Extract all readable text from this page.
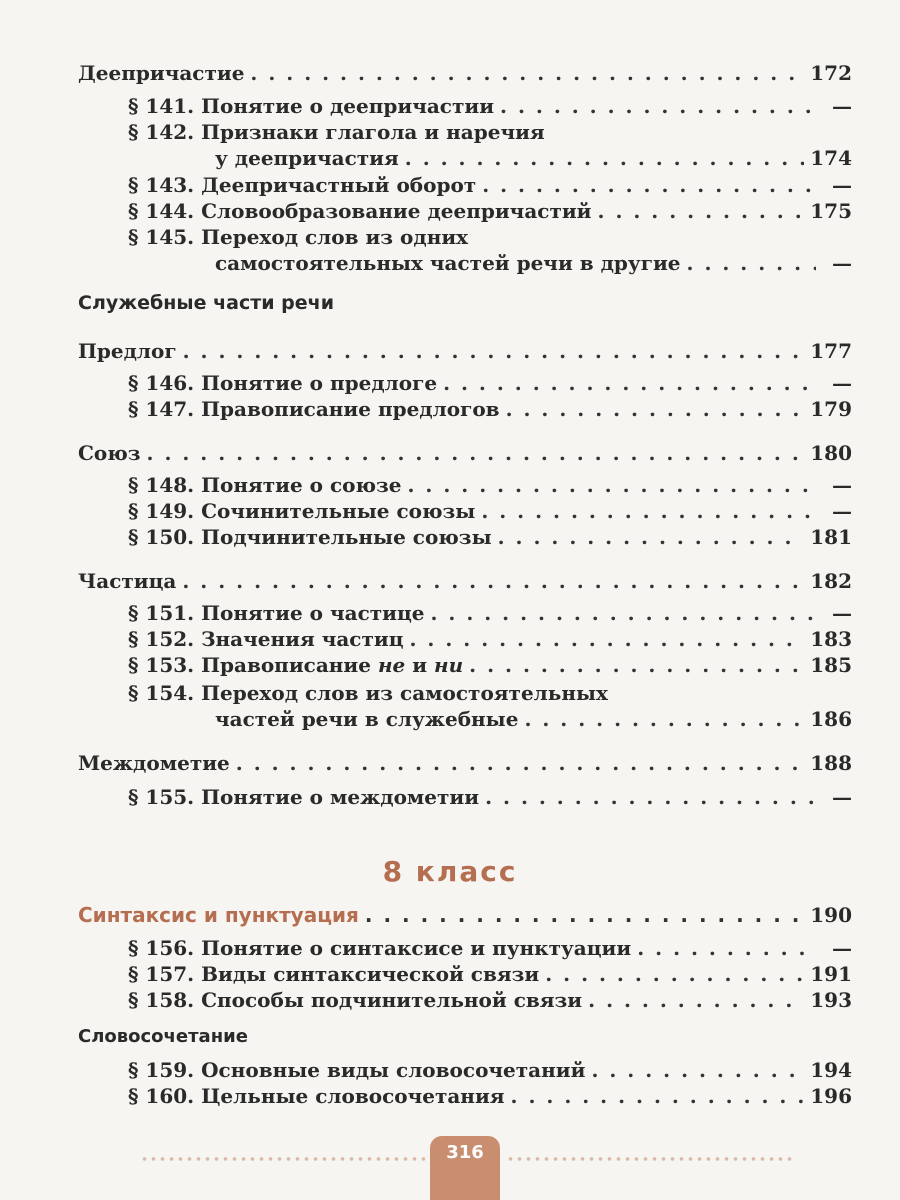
Деепричастие . . .	172
§ 141. Понятие о деепричастии . . .	—
§ 142. Признаки глагола и наречия
у деепричастия . . .	174
§ 143. Деепричастный оборот . . .	—
§ 144. Словообразование деепричастий . . .	175
§ 145. Переход слов из одних
самостоятельных частей речи в другие . . .	—
Служебные части речи
Предлог . . .	177
§ 146. Понятие о предлоге . . .	—
§ 147. Правописание предлогов . . .	179
Союз . . .	180
§ 148. Понятие о союзе . . .	—
§ 149. Сочинительные союзы . . .	—
§ 150. Подчинительные союзы . . .	181
Частица . . .	182
§ 151. Понятие о частице . . .	—
§ 152. Значения частиц . . .	183
§ 153. Правописание не и ни . . .	185
§ 154. Переход слов из самостоятельных
частей речи в служебные . . .	186
Междометие . . .	188
§ 155. Понятие о междометии . . .	—
8 класс
Синтаксис и пунктуация . . .	190
§ 156. Понятие о синтаксисе и пунктуации . . .	—
§ 157. Виды синтаксической связи . . .	191
§ 158. Способы подчинительной связи . . .	193
Словосочетание
§ 159. Основные виды словосочетаний . . .	194
§ 160. Цельные словосочетания . . .	196
316
